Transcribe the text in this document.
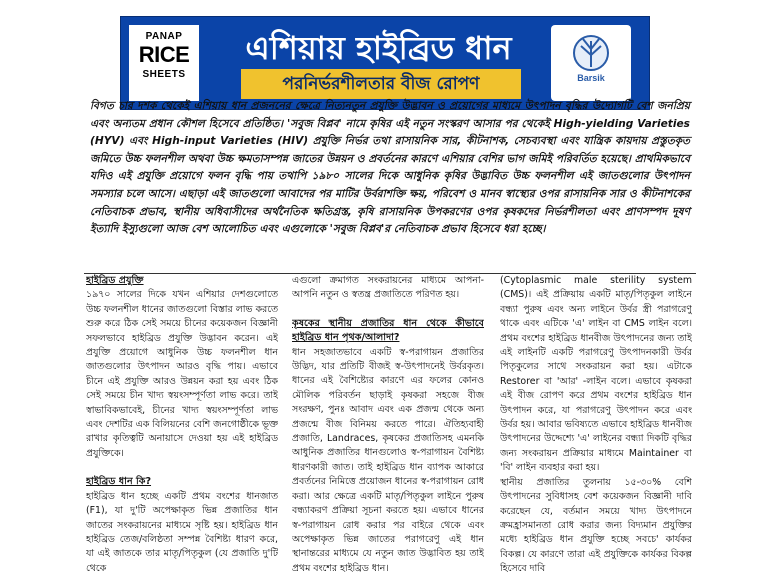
PANAP
RICE
SHEETS
এশিয়ায় হাইব্রিড ধান
পরনির্ভরশীলতার বীজ রোপণ	Barsik
বিগত চার দশক থেকেই এশিয়ায় ধান প্রজননের ক্ষেত্রে নিত্যনতুন প্রযুক্তি উদ্ভাবন ও প্রয়োগের মাধ্যমে উৎপাদন বৃদ্ধির উদ্যোগটি বেশ জনপ্রিয় এবং অন্যতম প্রধান কৌশল হিসেবে প্রতিষ্ঠিত। 'সবুজ বিপ্লব' নামে কৃষির এই নতুন সংস্করণ আসার পর থেকেই High-yielding Varieties (HYV) এবং High-input Varieties (HIV) প্রযুক্তি নির্ভর তথা রাসায়নিক সার, কীটনাশক, সেচব্যবস্থা এবং যান্ত্রিক কায়দায় প্রস্তুতকৃত জমিতে উচ্চ ফলনশীল অথবা উচ্চ ক্ষমতাসম্পন্ন জাতের উন্নয়ন ও প্রবর্তনের কারণে এশিয়ার বেশির ভাগ জমিই পরিবর্তিত হয়েছে। প্রাথমিকভাবে যদিও এই প্রযুক্তি প্রয়োগে ফলন বৃদ্ধি পায় তথাপি ১৯৮০ সালের দিকে আধুনিক কৃষির উদ্ভাবিত উচ্চ ফলনশীল এই জাতগুলোর উৎপাদন সমস্যার চলে আসে। এছাড়া এই জাতগুলো আবাদের পর মাটির উর্বরাশক্তি ক্ষয়, পরিবেশ ও মানব স্বাস্থ্যের ওপর রাসায়নিক সার ও কীটনাশকের নেতিবাচক প্রভাব, স্থানীয় অধিবাসীদের অর্থনৈতিক ক্ষতিগ্রস্ত, কৃষি রাসায়নিক উপকরণের ওপর কৃষকদের নির্ভরশীলতা এবং প্রাণসম্পদ দূষণ ইত্যাদি ইস্যুগুলো আজ বেশ আলোচিত এবং এগুলোকে 'সবুজ বিপ্লব'র নেতিবাচক প্রভাব হিসেবে ধরা হচ্ছে।
হাইব্রিড প্রযুক্তি

১৯৭০ সালের দিকে যখন এশিয়ার দেশগুলোতে উচ্চ ফলনশীল ধানের জাতগুলো বিস্তার লাভ করতে শুরু করে ঠিক সেই সময়ে চীনের কয়েকজন বিজ্ঞানী সফলভাবে হাইব্রিড প্রযুক্তি উদ্ভাবন করেন। এই প্রযুক্তি প্রয়োগে আধুনিক উচ্চ ফলনশীল ধান জাতগুলোর উৎপাদন আরও বৃদ্ধি পায়। এভাবে চীনে এই প্রযুক্তি আরও উন্নয়ন করা হয় এবং ঠিক সেই সময়ে চীন খাদ্য স্বয়ংসম্পূর্ণতা লাভ করে। তাই স্বাভাবিকভাবেই, চীনের খাদ্য স্বয়ংসম্পূর্ণতা লাভ এবং দেশটির এক বিলিয়নের বেশি জনগোষ্ঠীকে ভূক্ত রাখার কৃতিত্বটি অনায়াসে দেওয়া হয় এই হাইব্রিড প্রযুক্তিকে।

হাইব্রিড ধান কি?

হাইব্রিড ধান হচ্ছে একটি প্রথম বংশের ধানজাত (F1), যা দু'টি অপেক্ষাকৃত ভিন্ন প্রজাতির ধান জাতের সংকরায়নের মাধ্যমে সৃষ্টি হয়। হাইব্রিড ধান হাইব্রিড তেজ/বলিষ্ঠতা সম্পন্ন বৈশিষ্ট্য ধারণ করে, যা এই জাতকে তার মাতৃ/পিতৃকুল (যে প্রজাতি দু'টি থেকে

এগুলো ক্রমাগত সংকরায়নের মাধ্যমে আপনা-আপনি নতুন ও স্বতন্ত্র প্রজাতিতে পরিণত হয়।

কৃষকের স্থানীয় প্রজাতির ধান থেকে কীভাবে হাইব্রিড ধান পৃথক/আলাদা?

ধান সহজাতভাবে একটি স্ব-পরাগায়ন প্রজাতির উদ্ভিদ, যার প্রতিটি বীজই স্ব-উৎপাদনেই উর্বরকৃত। ধানের এই বৈশিষ্ট্যের কারণে এর ফলের কোনও মৌলিক পরিবর্তন ছাড়াই কৃষকরা সহজে বীজ সংরক্ষণ, পুনঃ আবাদ এবং এক প্রজন্ম থেকে অন্য প্রজন্মে বীজ বিনিময় করতে পারে। ঐতিহ্যবাহী প্রজাতি, Landraces, কৃষকের প্রজাতিসহ এমনকি আধুনিক প্রজাতির ধানগুলোও স্ব-পরাগায়ন বৈশিষ্ট্য ধারণকারী জাত। তাই হাইব্রিড ধান ব্যাপক আকারে প্রবর্তনের নিমিত্তে প্রয়োজন ধানের স্ব-পরাগায়ন রোধ করা। আর ক্ষেত্রে একটি মাতৃ/পিতৃকুল লাইনে পুরুষ বন্ধ্যাকরণ প্রক্রিয়া সূচনা করতে হয়। এভাবে ধানের স্ব-পরাগায়ন রোধ করার পর বাইরে থেকে এবং অপেক্ষাকৃত ভিন্ন জাতের পরাগরেণু এই ধান স্থানান্তরের মাধ্যমে যে নতুন জাত উদ্ভাবিত হয় তাই প্রথম বংশের হাইব্রিড ধান।

(Cytoplasmic male sterility system (CMS)। এই প্রক্রিয়ায় একটি মাতৃ/পিতৃকুল লাইনে বন্ধ্যা পুরুষ এবং অন্য লাইনে উর্বর স্ত্রী পরাগরেণু থাকে এবং এটিকে 'এ' লাইন বা CMS লাইন বলে। প্রথম বংশের হাইব্রিড ধানবীজ উৎপাদনের জন্য তাই এই লাইনটি একটি পরাগরেণু উৎপাদনকারী উর্বর পিতৃকুলের সাথে সংকরায়ন করা হয়। এটাকে Restorer বা 'আর' -লাইন বলে। এভাবে কৃষকরা এই বীজ রোপণ করে প্রথম বংশের হাইব্রিড ধান উৎপাদন করে, যা পরাগরেণু উৎপাদন করে এবং উর্বর হয়। আবার ভবিষ্যতে এভাবে হাইব্রিড ধানবীজ উৎপাদনের উদ্দেশ্যে 'এ' লাইনের বন্ধ্যা দিকটি বৃদ্ধির জন্য সংকরায়ন প্রক্রিয়ার মাধ্যমে Maintainer বা 'বি' লাইন ব্যবহার করা হয়।

স্থানীয় প্রজাতির তুলনায় ১৫-৩০% বেশি উৎপাদনের সুবিধাসহ বেশ কয়েকজন বিজ্ঞানী দাবি করেছেন যে, বর্তমান সময়ে খাদ্য উৎপাদনে ক্রমহ্রাসমানতা রোধ করার জন্য বিদ্যমান প্রযুক্তির মধ্যে হাইব্রিড ধান প্রযুক্তি হচ্ছে সবচে' কার্যকর বিকল্প। যে কারণে তারা এই প্রযুক্তিকে কার্যকর বিকল্প হিসেবে দাবি
